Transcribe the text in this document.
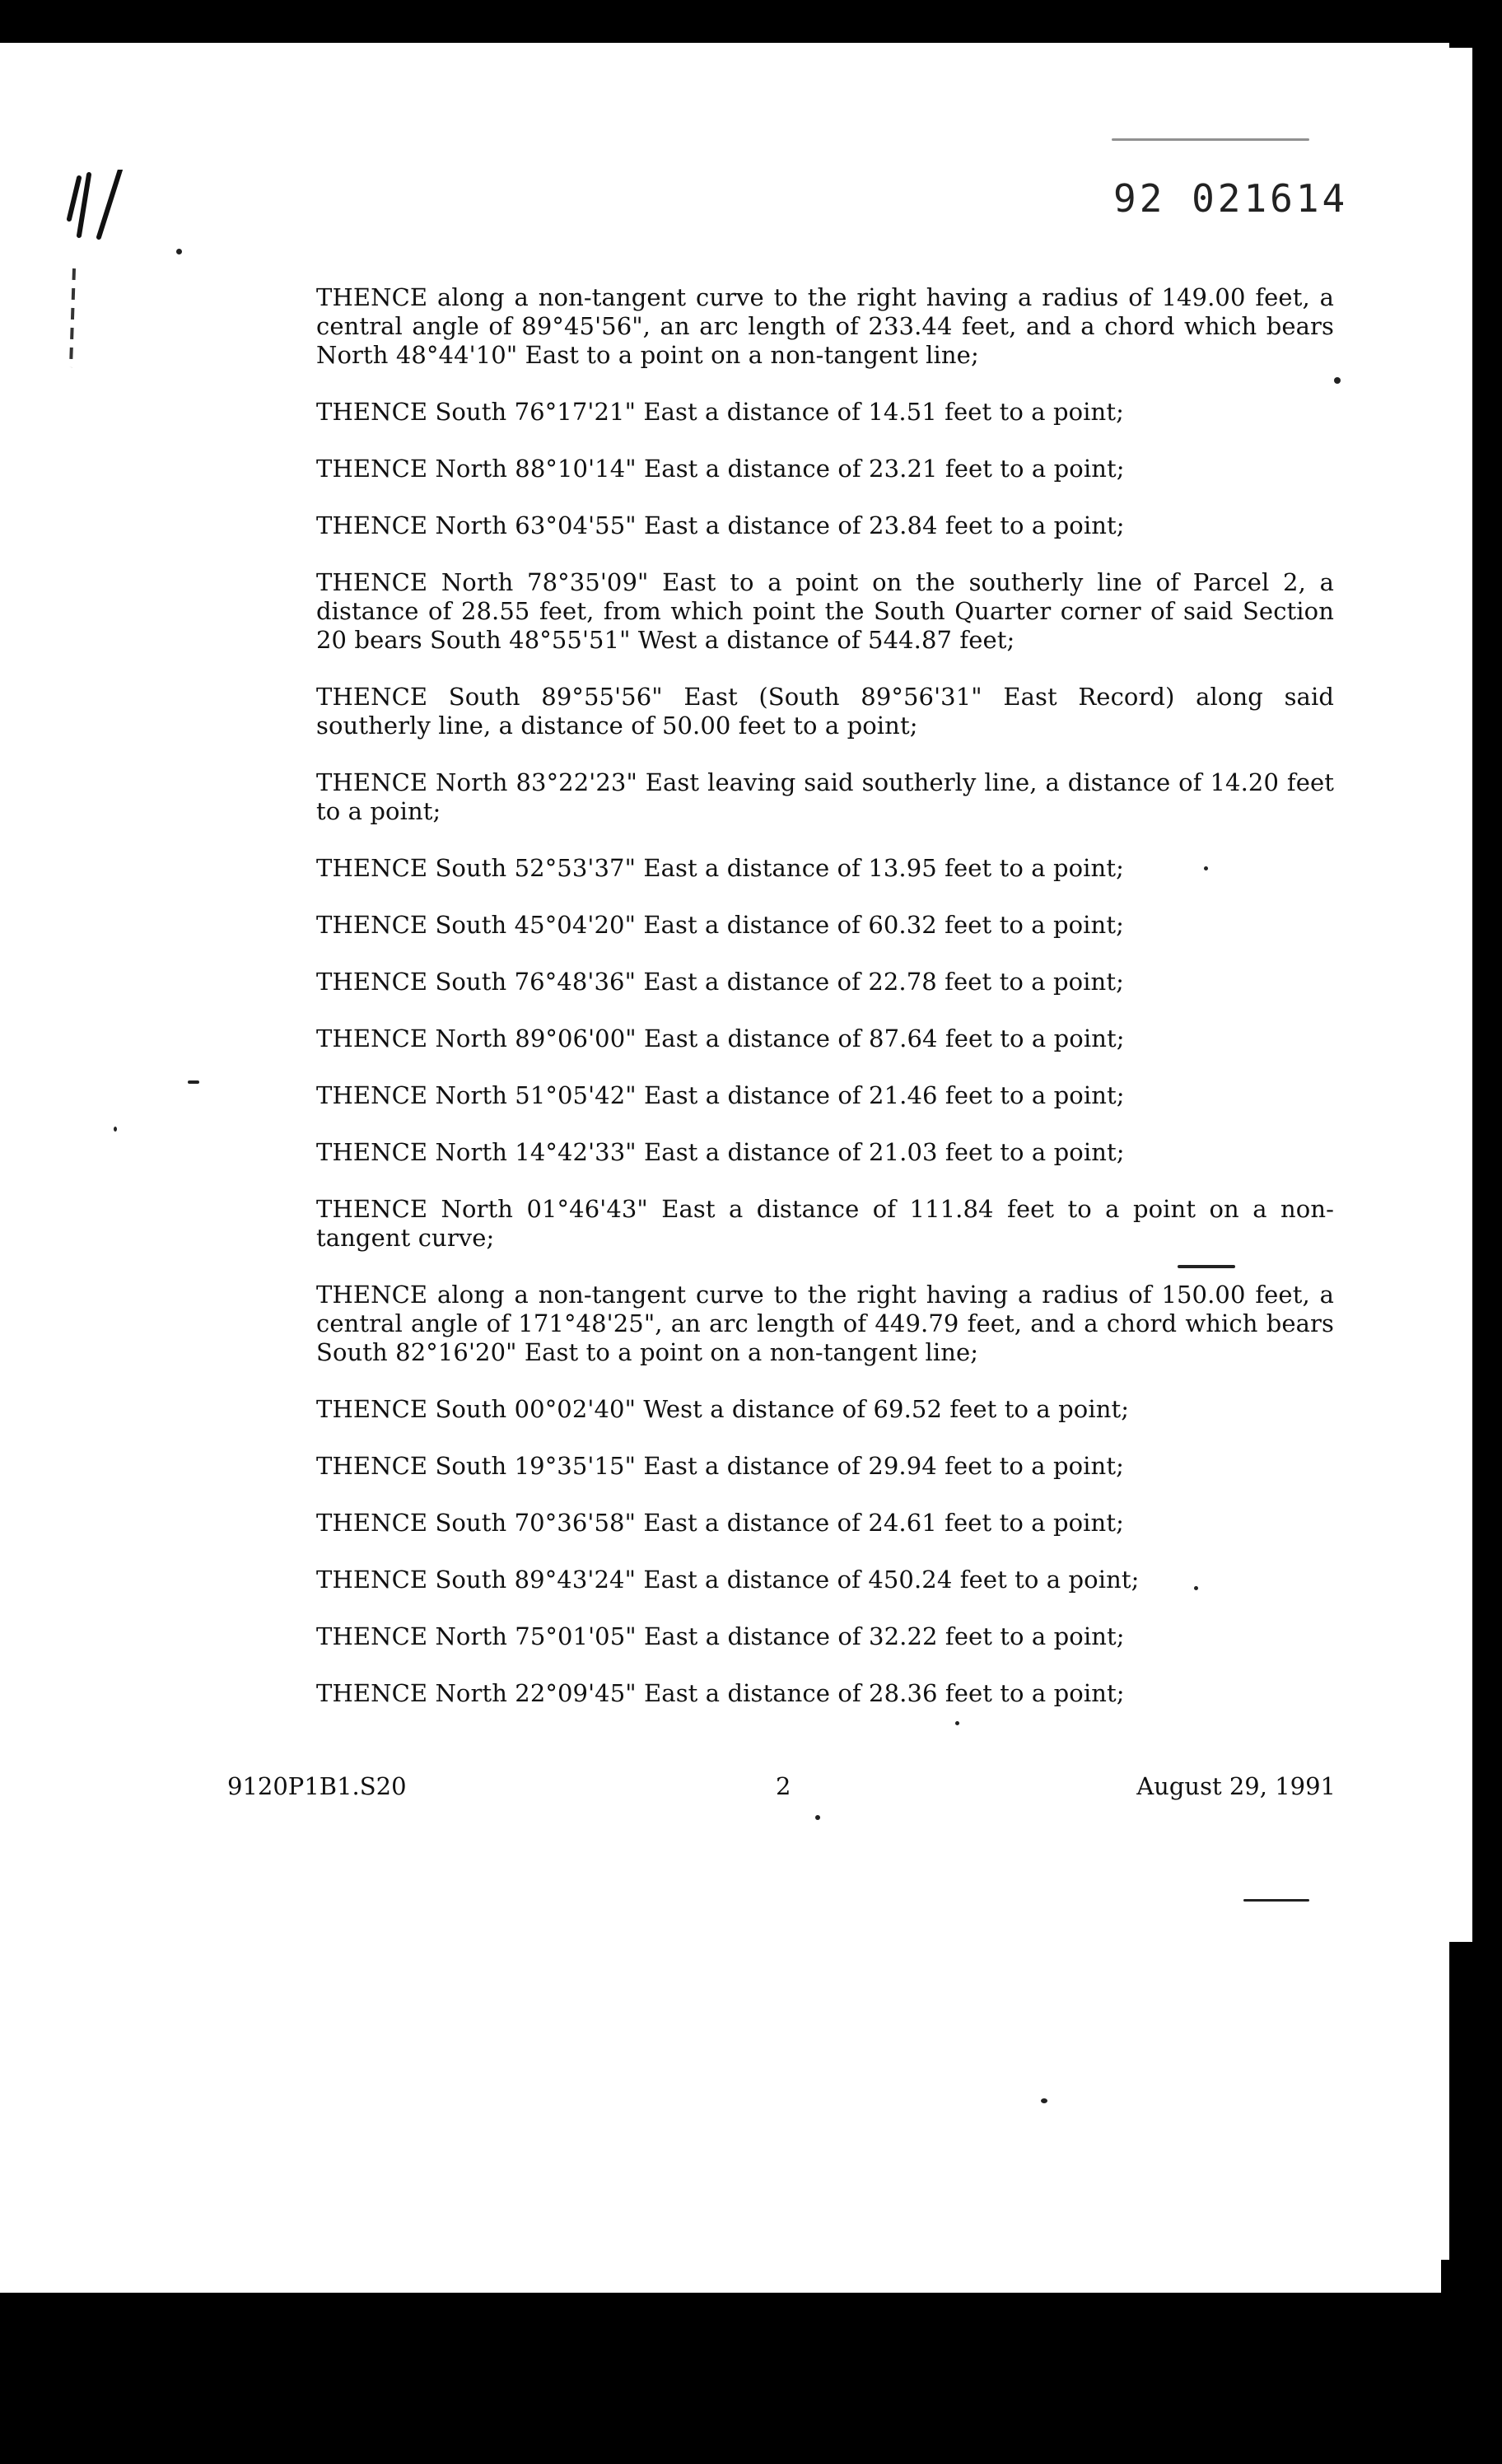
92 021614

THENCE along a non-tangent curve to the right having a radius of 149.00 feet, a central angle of 89°45'56", an arc length of 233.44 feet, and a chord which bears North 48°44'10" East to a point on a non-tangent line;

THENCE South 76°17'21" East a distance of 14.51 feet to a point;

THENCE North 88°10'14" East a distance of 23.21 feet to a point;

THENCE North 63°04'55" East a distance of 23.84 feet to a point;

THENCE North 78°35'09" East to a point on the southerly line of Parcel 2, a distance of 28.55 feet, from which point the South Quarter corner of said Section 20 bears South 48°55'51" West a distance of 544.87 feet;

THENCE South 89°55'56" East (South 89°56'31" East Record) along said southerly line, a distance of 50.00 feet to a point;

THENCE North 83°22'23" East leaving said southerly line, a distance of 14.20 feet to a point;

THENCE South 52°53'37" East a distance of 13.95 feet to a point;

THENCE South 45°04'20" East a distance of 60.32 feet to a point;

THENCE South 76°48'36" East a distance of 22.78 feet to a point;

THENCE North 89°06'00" East a distance of 87.64 feet to a point;

THENCE North 51°05'42" East a distance of 21.46 feet to a point;

THENCE North 14°42'33" East a distance of 21.03 feet to a point;

THENCE North 01°46'43" East a distance of 111.84 feet to a point on a non-tangent curve;

THENCE along a non-tangent curve to the right having a radius of 150.00 feet, a central angle of 171°48'25", an arc length of 449.79 feet, and a chord which bears South 82°16'20" East to a point on a non-tangent line;

THENCE South 00°02'40" West a distance of 69.52 feet to a point;

THENCE South 19°35'15" East a distance of 29.94 feet to a point;

THENCE South 70°36'58" East a distance of 24.61 feet to a point;

THENCE South 89°43'24" East a distance of 450.24 feet to a point;

THENCE North 75°01'05" East a distance of 32.22 feet to a point;

THENCE North 22°09'45" East a distance of 28.36 feet to a point;

9120P1B1.S20	2	August 29, 1991
